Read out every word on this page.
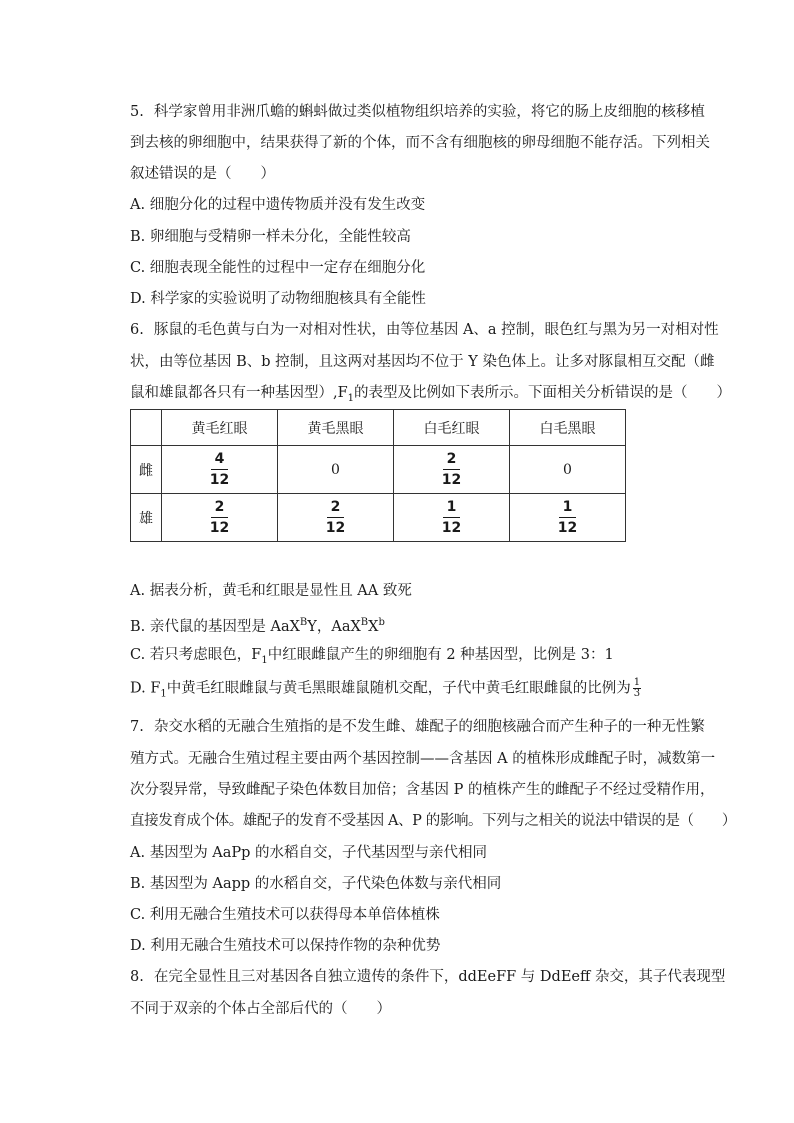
5. 科学家曾用非洲爪蟾的蝌蚪做过类似植物组织培养的实验，将它的肠上皮细胞的核移植
到去核的卵细胞中，结果获得了新的个体，而不含有细胞核的卵母细胞不能存活。下列相关
叙述错误的是（　　）
A. 细胞分化的过程中遗传物质并没有发生改变
B. 卵细胞与受精卵一样未分化，全能性较高
C. 细胞表现全能性的过程中一定存在细胞分化
D. 科学家的实验说明了动物细胞核具有全能性
6. 豚鼠的毛色黄与白为一对相对性状，由等位基因 A、a 控制，眼色红与黑为另一对相对性
状，由等位基因 B、b 控制，且这两对基因均不位于 Y 染色体上。让多对豚鼠相互交配（雌
鼠和雄鼠都各只有一种基因型）$,F_1$的表型及比例如下表所示。下面相关分析错误的是（　　）
	黄毛红眼	黄毛黑眼	白毛红眼	白毛黑眼
雌	$\frac{4}{12}$	0	$\frac{2}{12}$	0
雄	$\frac{2}{12}$	$\frac{2}{12}$	$\frac{1}{12}$	$\frac{1}{12}$
A. 据表分析，黄毛和红眼是显性且 AA 致死
B. 亲代鼠的基因型是 AaX$^B$Y，$AaX^BX^b$
C. 若只考虑眼色，$F_1$中红眼雌鼠产生的卵细胞有 2 种基因型，比例是 3：1
D. $F_1$中黄毛红眼雌鼠与黄毛黑眼雄鼠随机交配，子代中黄毛红眼雌鼠的比例为 $\frac{1}{3}$
7. 杂交水稻的无融合生殖指的是不发生雌、雄配子的细胞核融合而产生种子的一种无性繁
殖方式。无融合生殖过程主要由两个基因控制——含基因 A 的植株形成雌配子时，减数第一
次分裂异常，导致雌配子染色体数目加倍；含基因 P 的植株产生的雌配子不经过受精作用，
直接发育成个体。雄配子的发育不受基因 A、P 的影响。下列与之相关的说法中错误的是（　　）
A. 基因型为 AaPp 的水稻自交，子代基因型与亲代相同
B. 基因型为 Aapp 的水稻自交，子代染色体数与亲代相同
C. 利用无融合生殖技术可以获得母本单倍体植株
D. 利用无融合生殖技术可以保持作物的杂种优势
8. 在完全显性且三对基因各自独立遗传的条件下，ddEeFF 与 DdEeff 杂交，其子代表现型
不同于双亲的个体占全部后代的（　　）
